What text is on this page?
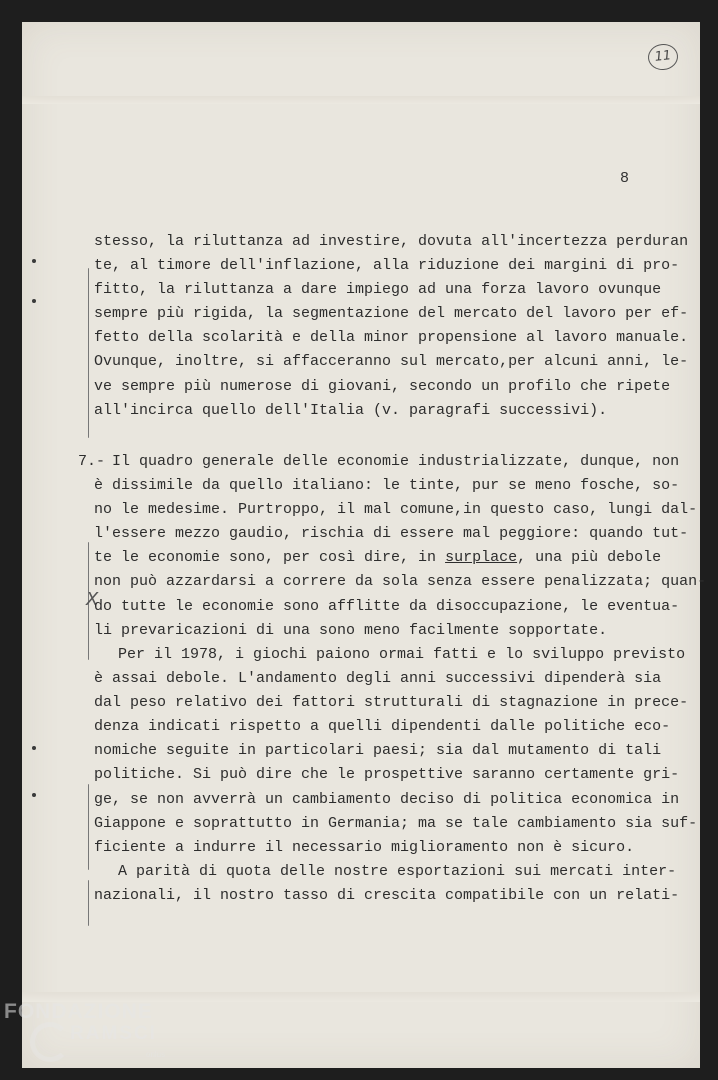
11
8
X
stesso, la riluttanza ad investire, dovuta all'incertezza perduran
te, al timore dell'inflazione, alla riduzione dei margini di pro-
fitto, la riluttanza a dare impiego ad una forza lavoro ovunque
sempre più rigida, la segmentazione del mercato del lavoro per ef-
fetto della scolarità e della minor propensione al lavoro manuale.
Ovunque, inoltre, si affacceranno sul mercato,per alcuni anni, le-
ve sempre più numerose di giovani, secondo un profilo che ripete
all'incirca quello dell'Italia (v. paragrafi successivi).
7.- Il quadro generale delle economie industrializzate, dunque, non
è dissimile da quello italiano: le tinte, pur se meno fosche, so-
no le medesime. Purtroppo, il mal comune,in questo caso, lungi dal-
l'essere mezzo gaudio, rischia di essere mal peggiore: quando tut-
te le economie sono, per così dire, in surplace, una più debole
non può azzardarsi a correre da sola senza essere penalizzata; quan-
do tutte le economie sono afflitte da disoccupazione, le eventua-
li prevaricazioni di una sono meno facilmente sopportate.
Per il 1978, i giochi paiono ormai fatti e lo sviluppo previsto
è assai debole. L'andamento degli anni successivi dipenderà sia
dal peso relativo dei fattori strutturali di stagnazione in prece-
denza indicati rispetto a quelli dipendenti dalle politiche eco-
nomiche seguite in particolari paesi; sia dal mutamento di tali
politiche. Si può dire che le prospettive saranno certamente gri-
ge, se non avverrà un cambiamento deciso di politica economica in
Giappone e soprattutto in Germania; ma se tale cambiamento sia suf-
ficiente a indurre il necessario miglioramento non è sicuro.
A parità di quota delle nostre esportazioni sui mercati inter-
nazionali, il nostro tasso di crescita compatibile con un relati-
FONDAZIONE
RAMSCI
onlus
